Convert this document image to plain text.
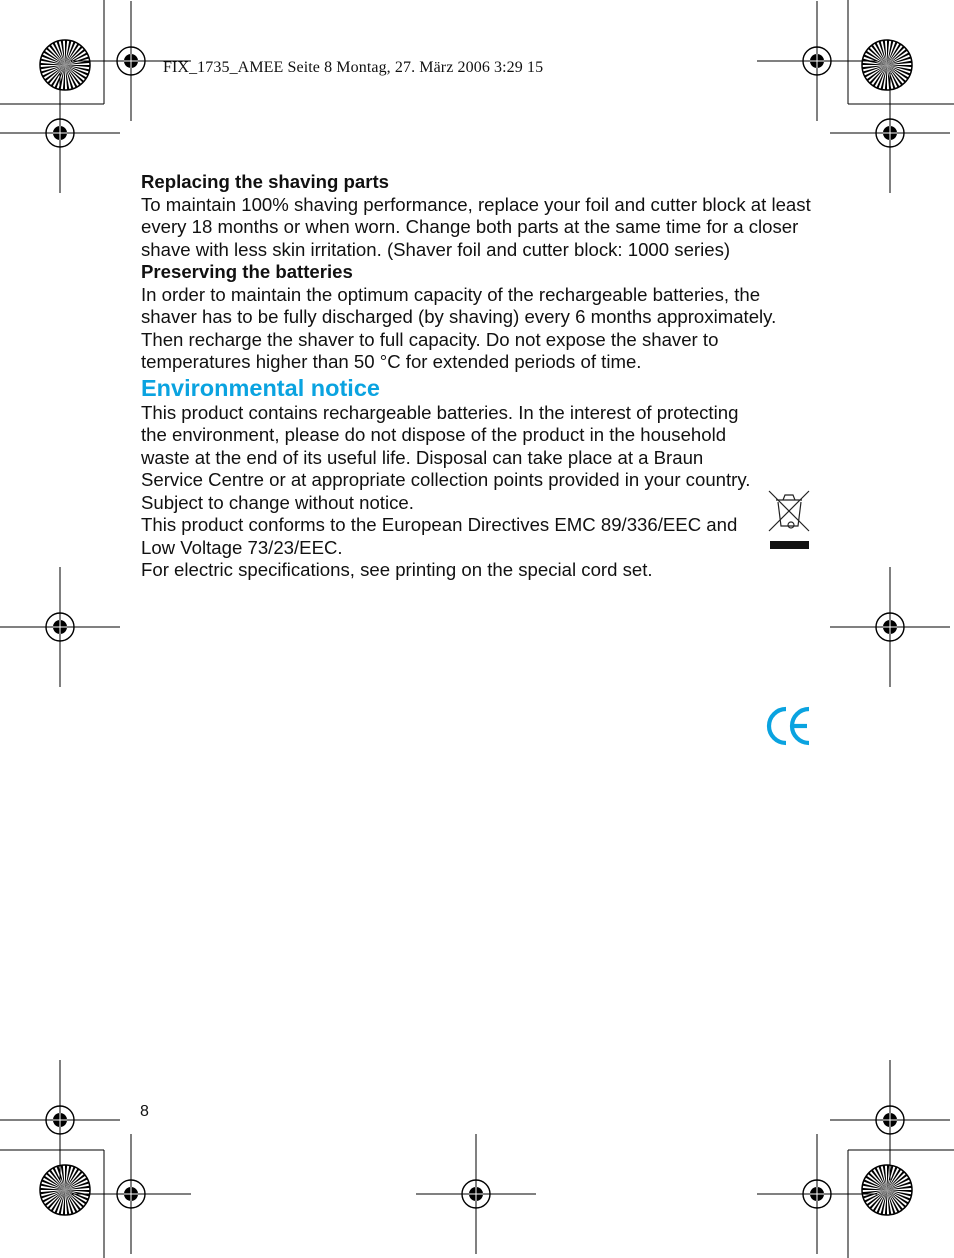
FIX_1735_AMEE Seite 8 Montag, 27. März 2006 3:29 15

Replacing the shaving parts

To maintain 100% shaving performance, replace your foil and cutter block at least every 18 months or when worn. Change both parts at the same time for a closer shave with less skin irritation. (Shaver foil and cutter block: 1000 series)

Preserving the batteries

In order to maintain the optimum capacity of the rechargeable batteries, the shaver has to be fully discharged (by shaving) every 6 months approximately. Then recharge the shaver to full capacity. Do not expose the shaver to temperatures higher than 50 °C for extended periods of time.

Environmental notice

This product contains rechargeable batteries. In the interest of protecting the environment, please do not dispose of the product in the household waste at the end of its useful life. Disposal can take place at a Braun Service Centre or at appropriate collection points provided in your country.

Subject to change without notice.

This product conforms to the European Directives EMC 89/336/EEC and Low Voltage 73/23/EEC.

For electric specifications, see printing on the special cord set.

8
